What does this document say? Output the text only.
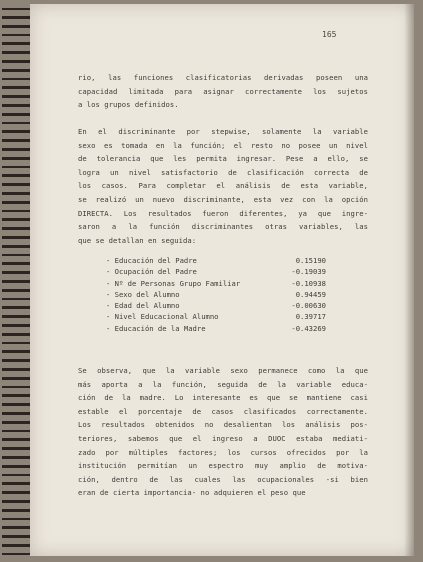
165
rio, las funciones clasificatorias derivadas poseen una
capacidad limitada para asignar correctamente los sujetos
a los grupos definidos.
En el discriminante por stepwise, solamente la variable
sexo es tomada en la función; el resto no posee un nivel
de tolerancia que les permita ingresar. Pese a ello, se
logra un nivel satisfactorio de clasificación correcta de
los casos. Para completar el análisis de esta variable,
se realizó un nuevo discriminante, esta vez con la opción
DIRECTA. Los resultados fueron diferentes, ya que ingre-
saron a la función discriminantes otras variables, las
que se detallan en seguida:
- Educación del Padre	0.15190
- Ocupación del Padre	-0.19039
- Nº de Personas Grupo Familiar	-0.10938
- Sexo del Alumno	0.94459
- Edad del Alumno	-0.00630
- Nivel Educacional Alumno	0.39717
- Educación de la Madre	-0.43269
Se observa, que la variable sexo permanece como la que
más aporta a la función, seguida de la variable educa-
ción de la madre. Lo interesante es que se mantiene casi
estable el porcentaje de casos clasificados correctamente.
Los resultados obtenidos no desalientan los análisis pos-
teriores, sabemos que el ingreso a DUOC estaba mediati-
zado por múltiples factores; los cursos ofrecidos por la
institución permitían un espectro muy amplio de motiva-
ción, dentro de las cuales las ocupacionales -si bien
eran de cierta importancia- no adquieren el peso que
